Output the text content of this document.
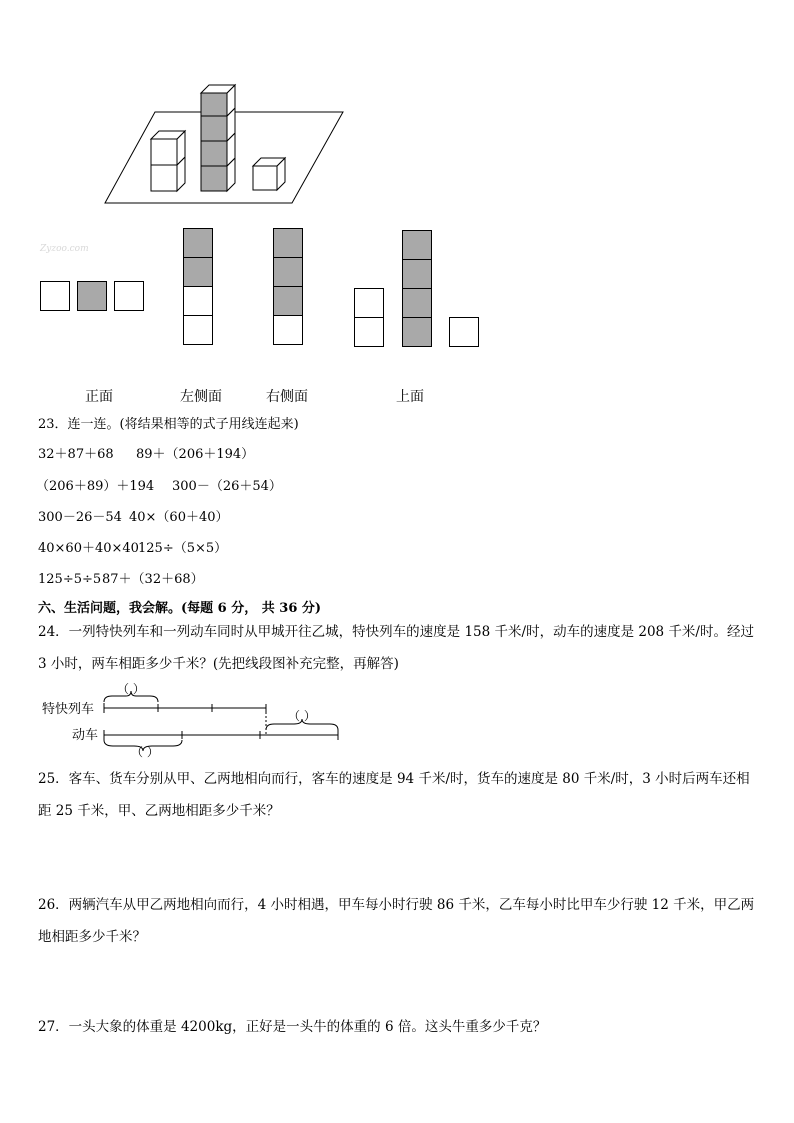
Zyzoo.com
正面	左侧面	右侧面	上面
23．连一连。(将结果相等的式子用线连起来)
32＋87＋68 89＋（206＋194）
（206＋89）＋194 300－（26＋54）
300－26－54 40×（60＋40）
40×60＋40×40 125÷（5×5）
125÷5÷5 87＋（32＋68）
六、生活问题，我会解。(每题 6 分， 共 36 分)
24．一列特快列车和一列动车同时从甲城开往乙城，特快列车的速度是 158 千米/时，动车的速度是 208 千米/时。经过
3 小时，两车相距多少千米？(先把线段图补充完整，再解答)
特快列车
动车
（ ）
（ ）
（ ）
25．客车、货车分别从甲、乙两地相向而行，客车的速度是 94 千米/时，货车的速度是 80 千米/时，3 小时后两车还相
距 25 千米，甲、乙两地相距多少千米？
26．两辆汽车从甲乙两地相向而行，4 小时相遇，甲车每小时行驶 86 千米，乙车每小时比甲车少行驶 12 千米，甲乙两
地相距多少千米？
27．一头大象的体重是 4200kg，正好是一头牛的体重的 6 倍。这头牛重多少千克？
